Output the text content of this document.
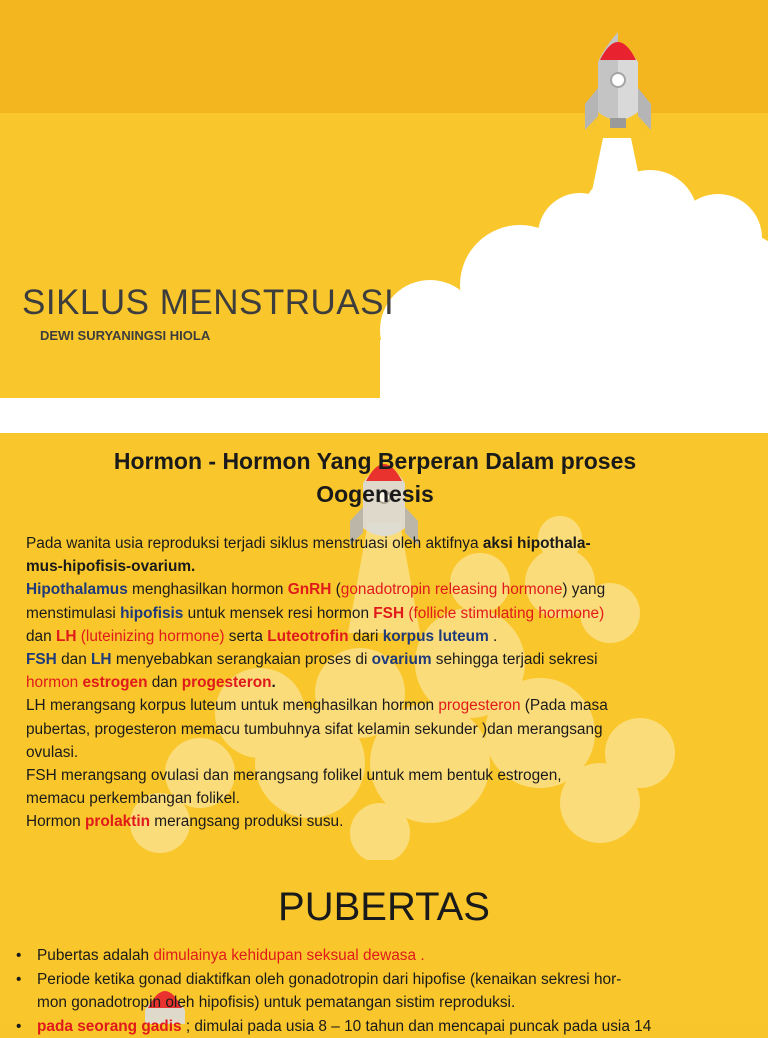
SIKLUS MENSTRUASI
DEWI SURYANINGSI HIOLA
Hormon - Hormon Yang Berperan Dalam proses
Oogenesis
Pada wanita usia reproduksi terjadi siklus menstruasi oleh aktifnya aksi hipothala-
mus-hipofisis-ovarium.
Hipothalamus menghasilkan hormon GnRH (gonadotropin releasing hormone) yang
menstimulasi hipofisis untuk mensek resi hormon FSH (follicle stimulating hormone)
dan LH (luteinizing hormone) serta Luteotrofin dari korpus luteum .
FSH dan LH menyebabkan serangkaian proses di ovarium sehingga terjadi sekresi
hormon estrogen dan progesteron.
LH merangsang korpus luteum untuk menghasilkan hormon progesteron (Pada masa
pubertas, progesteron memacu tumbuhnya sifat kelamin sekunder )dan merangsang
ovulasi.
FSH merangsang ovulasi dan merangsang folikel untuk mem bentuk estrogen,
memacu perkembangan folikel.
Hormon prolaktin merangsang produksi susu.
PUBERTAS
• Pubertas adalah dimulainya kehidupan seksual dewasa .
• Periode ketika gonad diaktifkan oleh gonadotropin dari hipofise (kenaikan sekresi hor-
mon gonadotropin oleh hipofisis) untuk pematangan sistim reproduksi.
• pada seorang gadis ; dimulai pada usia 8 – 10 tahun dan mencapai puncak pada usia 14
